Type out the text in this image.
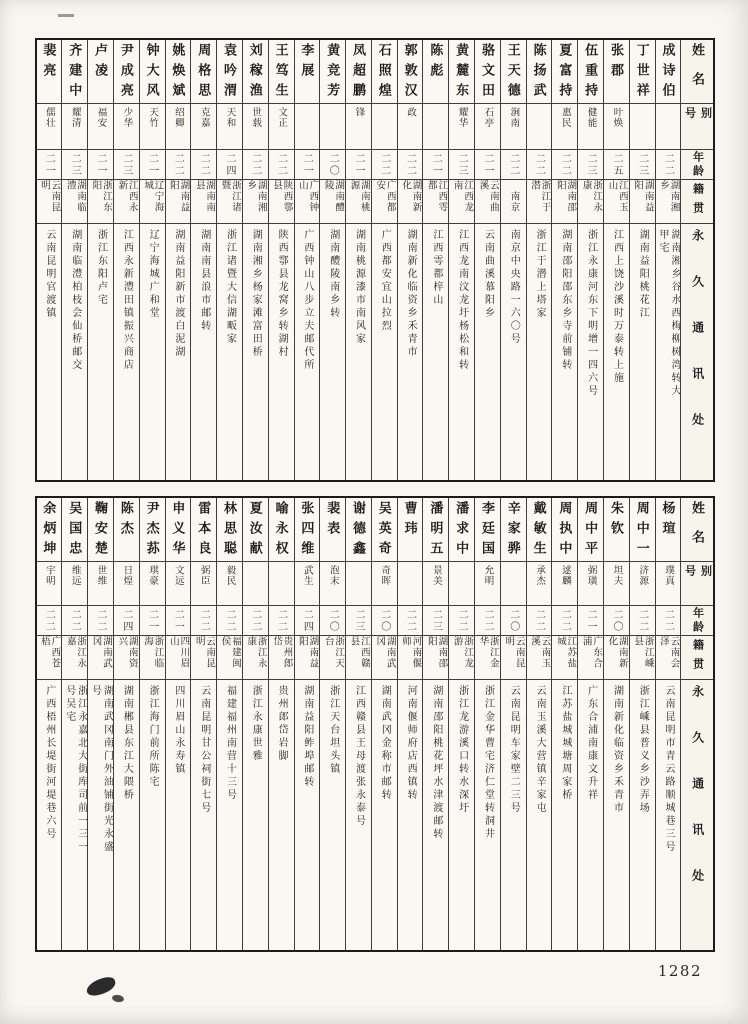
姓名
别号
年龄
籍贯
永久通讯处
成诗伯
二二
湖南湘乡
湖南湘乡谷水西梅柳树湾转大甲宅
丁世祥
二三
湖南益阳
湖南益阳桃花江
张郡
叶焕
二五
江西玉山
江西上饶沙溪时万泰转上施
伍重持
健能
二三
浙江永康
浙江永康河东下明增一四六号
夏富持
惠民
二二
湖南邵阳
湖南邵阳邵东乡寺前铺转
陈扬武
二二
浙江于潜
浙江于潜上塔家
王天德
涧南
二二
南京
南京中央路一六〇号
骆文田
石亭
二一
云南曲溪
云南曲溪慕阳乡
黄麓东
耀华
二三
江西龙南
江西龙南汶龙圩杨松和转
陈彪
二一
江西雩都
江西雩都梓山
郭敦汉
政
二二
湖南新化
湖南新化临资乡禾青市
石照煌
二二
广西都安
广西都安宜山拉烈
凤超鹏
锋
二一
湖南桃源
湖南桃源漆市南风家
黄竞芳
二〇
湖南醴陵
湖南醴陵南乡转
李展
二一
广西钟山
广西钟山八步立夫邮代所
王笃生
文正
二二
陕西鄠县
陕西鄠县龙窝乡转湖村
刘稼渔
世载
二二
湖南湘乡
湖南湘乡杨家滩富田桥
袁吟渭
天和
二四
浙江诸暨
浙江诸暨大信湖畈家
周格思
克嘉
二二
湖南南县
湖南南县浪市邮转
姚焕斌
绍卿
二二
湖南益阳
湖南益阳新市渡白泥湖
钟大风
天竹
二一
辽宁海城
辽宁海城广和堂
尹成亮
少华
二三
江西永新
江西永新澧田镇振兴商店
卢凌
福安
二一
浙江东阳
浙江东阳卢宅
齐建中
耀清
二三
湖南临澧
湖南临澧柏枝会仙桥邮交
裴亮
儒壮
二一
云南昆明
云南昆明官渡镇
姓名
别号
年龄
籍贯
永久通讯处
杨瑄
璞真
二二
云南会泽
云南昆明市青云路顺城巷三号
周中一
济源
二二
浙江嵊县
浙江嵊县普义乡沙弄场
朱钦
坦夫
二〇
湖南新化
湖南新化临资乡禾青市
周中平
弼璜
二一
广东合浦
广东合浦南康文升祥
周执中
逑麟
二二
江苏盐城
江苏盐城城塘周家桥
戴敏生
承杰
二二
云南玉溪
云南玉溪大营镇辛家屯
辛家骅
二〇
云南昆明
云南昆明车家壁二三号
李廷国
允明
二二
浙江金华
浙江金华曹宅济仁堂转洞井
潘求中
二二
浙江龙游
浙江龙游溪口转水深圩
潘明五
景美
二三
湖南邵阳
湖南邵阳桃花坪水津渡邮转
曹玮
二二
河南偃师
河南偃师府店西镇转
吴英奇
奇晖
二〇
湖南武冈
湖南武冈金称市邮转
谢德鑫
二三
江西赣县
江西赣县王母渡张永泰号
裴表
泡末
二〇
浙江天台
浙江天台坦头镇
张四维
武生
二四
湖南益阳
湖南益阳鲊埠邮转
喻永权
二二
贵州郎岱
贵州郎岱岩脚
夏汝献
二二
浙江永康
浙江永康世雅
林思聪
毅民
二二
福建闽侯
福建福州南营十三号
雷本良
弼臣
二二
云南昆明
云南昆明甘公祠街七号
申义华
文远
二一
四川眉山
四川眉山永寿镇
尹杰荪
琪豪
二一
浙江临海
浙江海门前所陈宅
陈杰
日煌
二四
湖南资兴
湖南郴县东江大隈桥
鞠安楚
世维
二二
湖南武冈
湖南武冈南门外油铺街光永盛号
吴国忠
维远
二二
浙江永嘉
浙江永嘉北大街库司前一三一号吴宅
余炳坤
宇明
二二
广西苍梧
广西梧州长堤街河堤巷六号
1282
